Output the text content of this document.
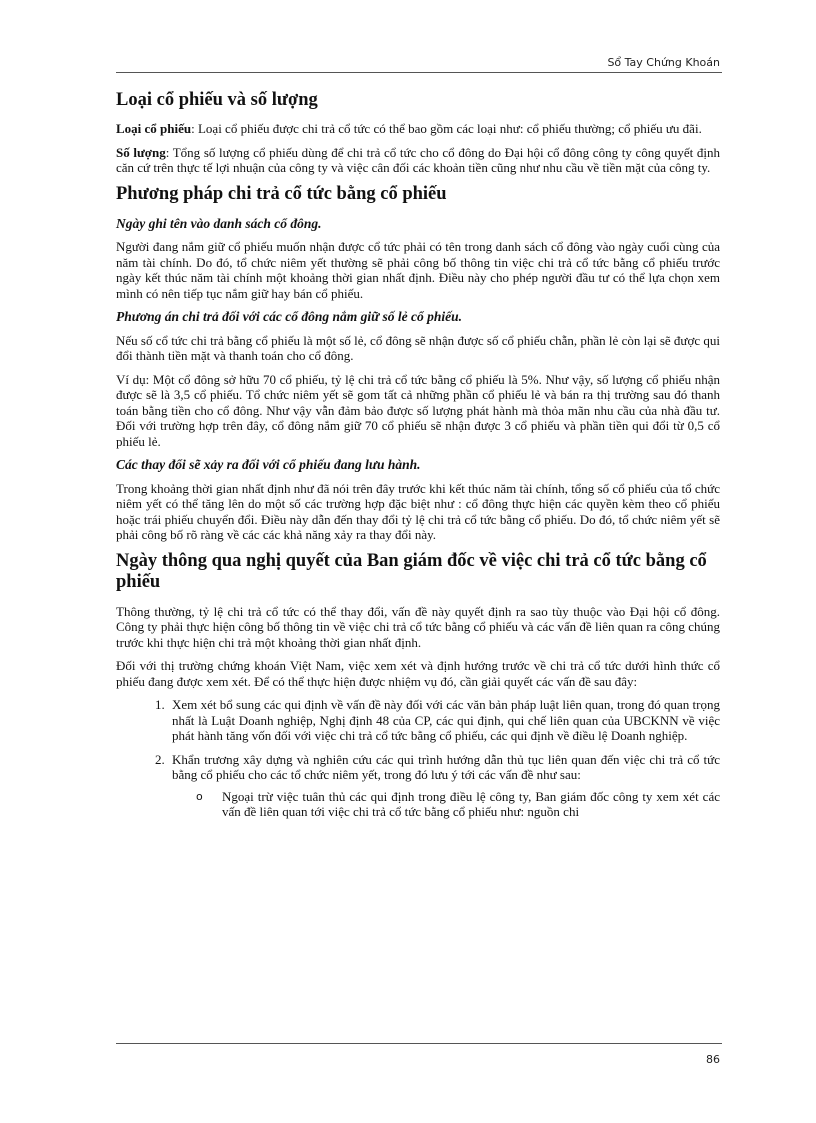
Sổ Tay Chứng Khoán
Loại cổ phiếu và số lượng

Loại cổ phiếu: Loại cổ phiếu được chi trả cổ tức có thể bao gồm các loại như: cổ phiếu thường; cổ phiếu ưu đãi.

Số lượng: Tổng số lượng cổ phiếu dùng để chi trả cổ tức cho cổ đông do Đại hội cổ đông công ty công quyết định căn cứ trên thực tế lợi nhuận của công ty và việc cân đối các khoản tiền cũng như nhu cầu về tiền mặt của công ty.

Phương pháp chi trả cổ tức bằng cổ phiếu
Ngày ghi tên vào danh sách cổ đông.

Người đang nắm giữ cổ phiếu muốn nhận được cổ tức phải có tên trong danh sách cổ đông vào ngày cuối cùng của năm tài chính. Do đó, tổ chức niêm yết thường sẽ phải công bố thông tin việc chi trả cổ tức bằng cổ phiếu trước ngày kết thúc năm tài chính một khoảng thời gian nhất định. Điều này cho phép người đầu tư có thể lựa chọn xem mình có nên tiếp tục nắm giữ hay bán cổ phiếu.

Phương án chi trả đối với các cổ đông nắm giữ số lẻ cổ phiếu.

Nếu số cổ tức chi trả bằng cổ phiếu là một số lẻ, cổ đông sẽ nhận được số cổ phiếu chẵn, phần lẻ còn lại sẽ được qui đổi thành tiền mặt và thanh toán cho cổ đông.

Ví dụ: Một cổ đông sở hữu 70 cổ phiếu, tỷ lệ chi trả cổ tức bằng cổ phiếu là 5%. Như vậy, số lượng cổ phiếu nhận được sẽ là 3,5 cổ phiếu. Tổ chức niêm yết sẽ gom tất cả những phần cổ phiếu lẻ và bán ra thị trường sau đó thanh toán bằng tiền cho cổ đông. Như vậy vẫn đảm bảo được số lượng phát hành mà thỏa mãn nhu cầu của nhà đầu tư. Đối với trường hợp trên đây, cổ đông nắm giữ 70 cổ phiếu sẽ nhận được 3 cổ phiếu và phần tiền qui đổi từ 0,5 cổ phiếu lẻ.

Các thay đổi sẽ xảy ra đối với cổ phiếu đang lưu hành.

Trong khoảng thời gian nhất định như đã nói trên đây trước khi kết thúc năm tài chính, tổng số cổ phiếu của tổ chức niêm yết có thể tăng lên do một số các trường hợp đặc biệt như : cổ đông thực hiện các quyền kèm theo cổ phiếu hoặc trái phiếu chuyển đổi. Điều này dẫn đến thay đổi tỷ lệ chi trả cổ tức bằng cổ phiếu. Do đó, tổ chức niêm yết sẽ phải công bố rõ ràng về các các khả năng xảy ra thay đổi này.

Ngày thông qua nghị quyết của Ban giám đốc về việc chi trả cổ tức bằng cổ phiếu

Thông thường, tỷ lệ chi trả cổ tức có thể thay đổi, vấn đề này quyết định ra sao tùy thuộc vào Đại hội cổ đông. Công ty phải thực hiện công bố thông tin về việc chi trả cổ tức bằng cổ phiếu và các vấn đề liên quan ra công chúng trước khi thực hiện chi trả một khoảng thời gian nhất định.

Đối với thị trường chứng khoán Việt Nam, việc xem xét và định hướng trước về chi trả cổ tức dưới hình thức cổ phiếu đang được xem xét. Để có thể thực hiện được nhiệm vụ đó, cần giải quyết các vấn đề sau đây:

1. Xem xét bổ sung các qui định về vấn đề này đối với các văn bản pháp luật liên quan, trong đó quan trọng nhất là Luật Doanh nghiệp, Nghị định 48 của CP, các qui định, qui chế liên quan của UBCKNN về việc phát hành tăng vốn đối với việc chi trả cổ tức bằng cổ phiếu, các qui định về điều lệ Doanh nghiệp.
2. Khẩn trương xây dựng và nghiên cứu các qui trình hướng dẫn thủ tục liên quan đến việc chi trả cổ tức bằng cổ phiếu cho các tổ chức niêm yết, trong đó lưu ý tới các vấn đề như sau:
o Ngoại trừ việc tuân thủ các qui định trong điều lệ công ty, Ban giám đốc công ty xem xét các vấn đề liên quan tới việc chi trả cổ tức bằng cổ phiếu như: nguồn chi
86
